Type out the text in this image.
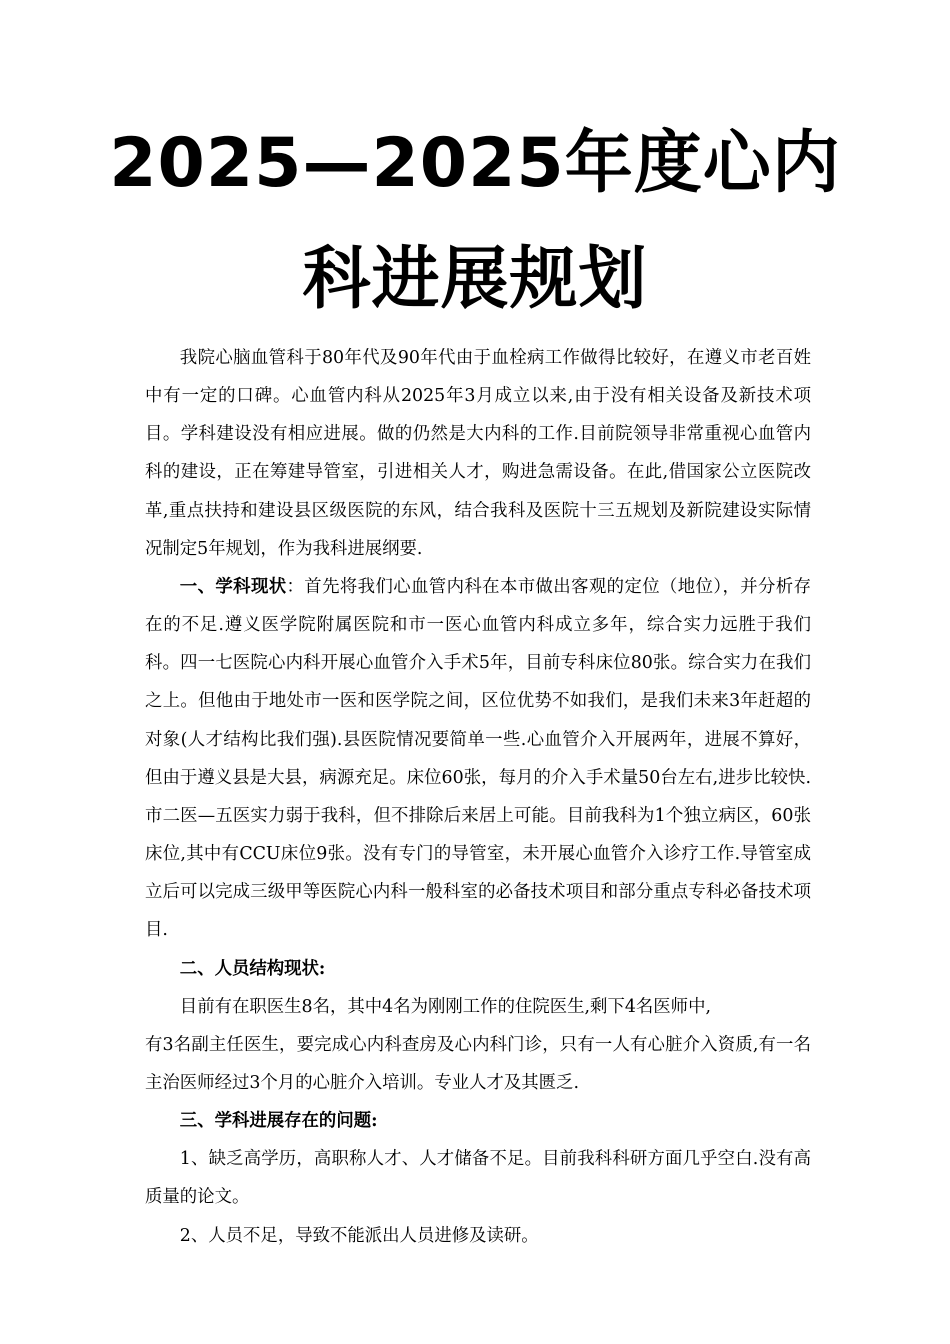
2025—2025年度心内
科进展规划

我院心脑血管科于80年代及90年代由于血栓病工作做得比较好，在遵义市老百姓中有一定的口碑。心血管内科从2025年3月成立以来,由于没有相关设备及新技术项目。学科建设没有相应进展。做的仍然是大内科的工作.目前院领导非常重视心血管内科的建设，正在筹建导管室，引进相关人才，购进急需设备。在此,借国家公立医院改革,重点扶持和建设县区级医院的东风，结合我科及医院十三五规划及新院建设实际情况制定5年规划，作为我科进展纲要.

一、学科现状：首先将我们心血管内科在本市做出客观的定位（地位），并分析存在的不足.遵义医学院附属医院和市一医心血管内科成立多年，综合实力远胜于我们科。四一七医院心内科开展心血管介入手术5年，目前专科床位80张。综合实力在我们之上。但他由于地处市一医和医学院之间，区位优势不如我们，是我们未来3年赶超的对象(人才结构比我们强).县医院情况要简单一些.心血管介入开展两年，进展不算好，但由于遵义县是大县，病源充足。床位60张，每月的介入手术量50台左右,进步比较快.市二医—五医实力弱于我科，但不排除后来居上可能。目前我科为1个独立病区，60张床位,其中有CCU床位9张。没有专门的导管室，未开展心血管介入诊疗工作.导管室成立后可以完成三级甲等医院心内科一般科室的必备技术项目和部分重点专科必备技术项目.

二、人员结构现状:

目前有在职医生8名，其中4名为刚刚工作的住院医生,剩下4名医师中,

有3名副主任医生，要完成心内科查房及心内科门诊，只有一人有心脏介入资质,有一名主治医师经过3个月的心脏介入培训。专业人才及其匮乏.

三、学科进展存在的问题:

1、缺乏高学历，高职称人才、人才储备不足。目前我科科研方面几乎空白.没有高质量的论文。

2、人员不足，导致不能派出人员进修及读研。
